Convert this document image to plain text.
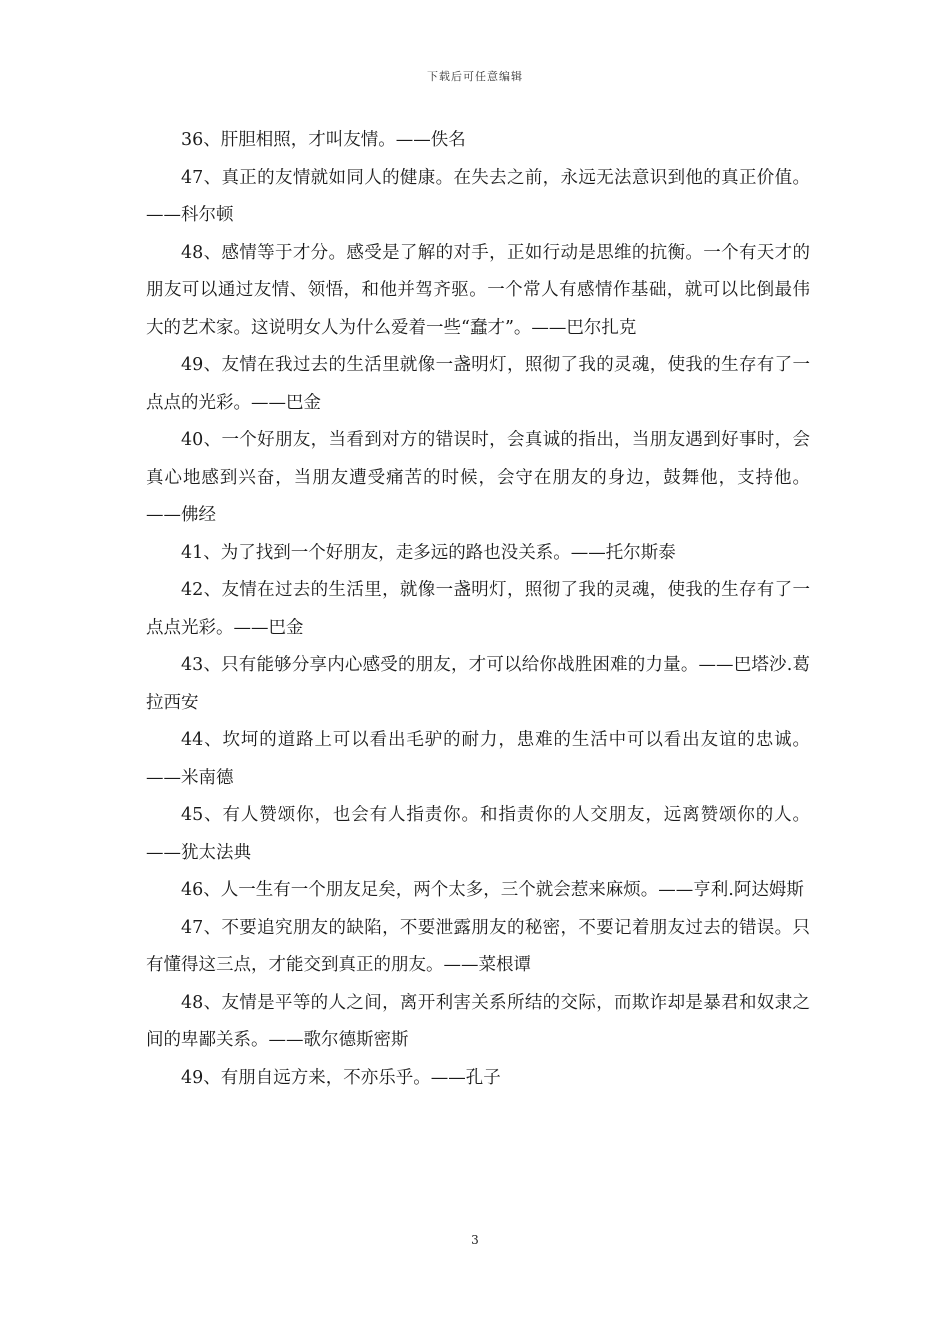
下载后可任意编辑

36、肝胆相照，才叫友情。——佚名

47、真正的友情就如同人的健康。在失去之前，永远无法意识到他的真正价值。——科尔顿

48、感情等于才分。感受是了解的对手，正如行动是思维的抗衡。一个有天才的朋友可以通过友情、领悟，和他并驾齐驱。一个常人有感情作基础，就可以比倒最伟大的艺术家。这说明女人为什么爱着一些“蠢才”。——巴尔扎克

49、友情在我过去的生活里就像一盏明灯，照彻了我的灵魂，使我的生存有了一点点的光彩。——巴金

40、一个好朋友，当看到对方的错误时，会真诚的指出，当朋友遇到好事时，会真心地感到兴奋，当朋友遭受痛苦的时候，会守在朋友的身边，鼓舞他，支持他。——佛经

41、为了找到一个好朋友，走多远的路也没关系。——托尔斯泰

42、友情在过去的生活里，就像一盏明灯，照彻了我的灵魂，使我的生存有了一点点光彩。——巴金

43、只有能够分享内心感受的朋友，才可以给你战胜困难的力量。——巴塔沙.葛拉西安

44、坎坷的道路上可以看出毛驴的耐力，患难的生活中可以看出友谊的忠诚。——米南德

45、有人赞颂你，也会有人指责你。和指责你的人交朋友，远离赞颂你的人。——犹太法典

46、人一生有一个朋友足矣，两个太多，三个就会惹来麻烦。——亨利.阿达姆斯

47、不要追究朋友的缺陷，不要泄露朋友的秘密，不要记着朋友过去的错误。只有懂得这三点，才能交到真正的朋友。——菜根谭

48、友情是平等的人之间，离开利害关系所结的交际，而欺诈却是暴君和奴隶之间的卑鄙关系。——歌尔德斯密斯

49、有朋自远方来，不亦乐乎。——孔子

3
